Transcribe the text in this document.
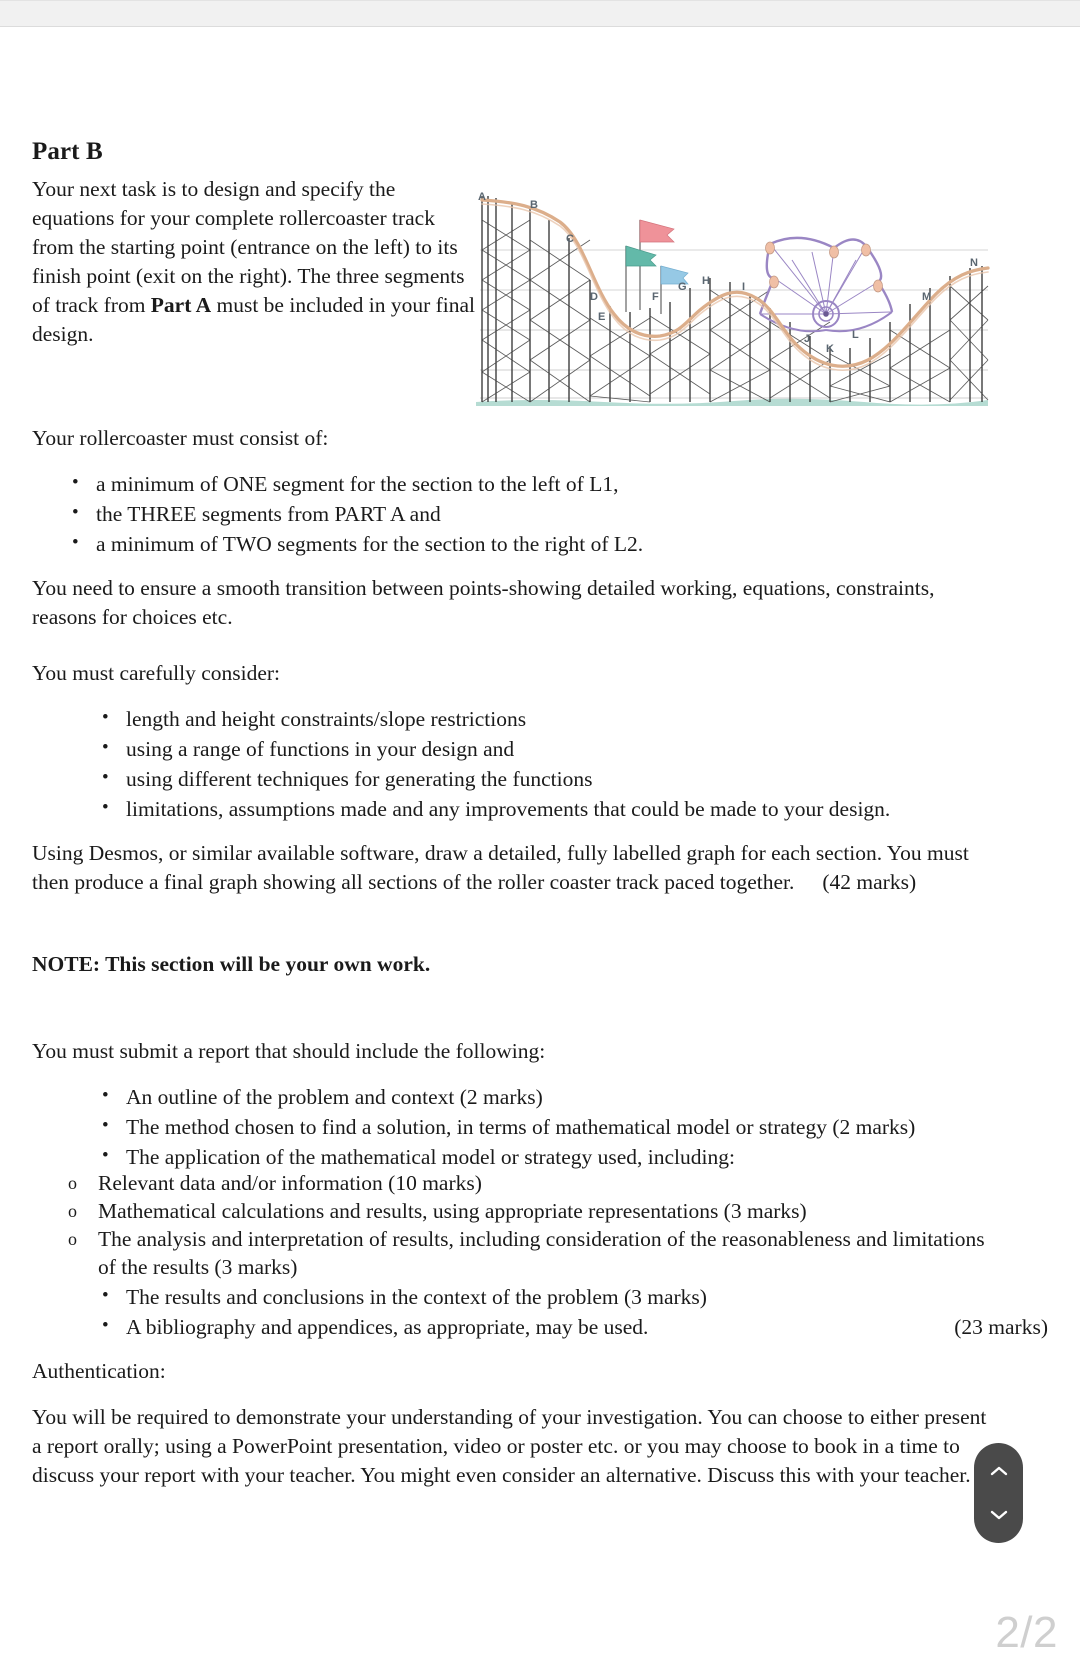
A
B
C
D
E
F
G H	I
J
K
L
M
N
Part B

Your next task is to design and specify the equations for your complete rollercoaster track from the starting point (entrance on the left) to its finish point (exit on the right). The three segments of track from Part A must be included in your final design.

Your rollercoaster must consist of:

• a minimum of ONE segment for the section to the left of L1,
• the THREE segments from PART A and
• a minimum of TWO segments for the section to the right of L2.

You need to ensure a smooth transition between points-showing detailed working, equations, constraints, reasons for choices etc.

You must carefully consider:

• length and height constraints/slope restrictions
• using a range of functions in your design and
• using different techniques for generating the functions
• limitations, assumptions made and any improvements that could be made to your design.

Using Desmos, or similar available software, draw a detailed, fully labelled graph for each section. You must then produce a final graph showing all sections of the roller coaster track paced together. (42 marks)

NOTE: This section will be your own work.

You must submit a report that should include the following:

• An outline of the problem and context (2 marks)
• The method chosen to find a solution, in terms of mathematical model or strategy (2 marks)
• The application of the mathematical model or strategy used, including:
o Relevant data and/or information (10 marks)
o Mathematical calculations and results, using appropriate representations (3 marks)
o The analysis and interpretation of results, including consideration of the reasonableness and limitations of the results (3 marks)
• The results and conclusions in the context of the problem (3 marks)
• A bibliography and appendices, as appropriate, may be used.	(23 marks)

Authentication:

You will be required to demonstrate your understanding of your investigation. You can choose to either present a report orally; using a PowerPoint presentation, video or poster etc. or you may choose to book in a time to discuss your report with your teacher. You might even consider an alternative. Discuss this with your teacher.

2/2
